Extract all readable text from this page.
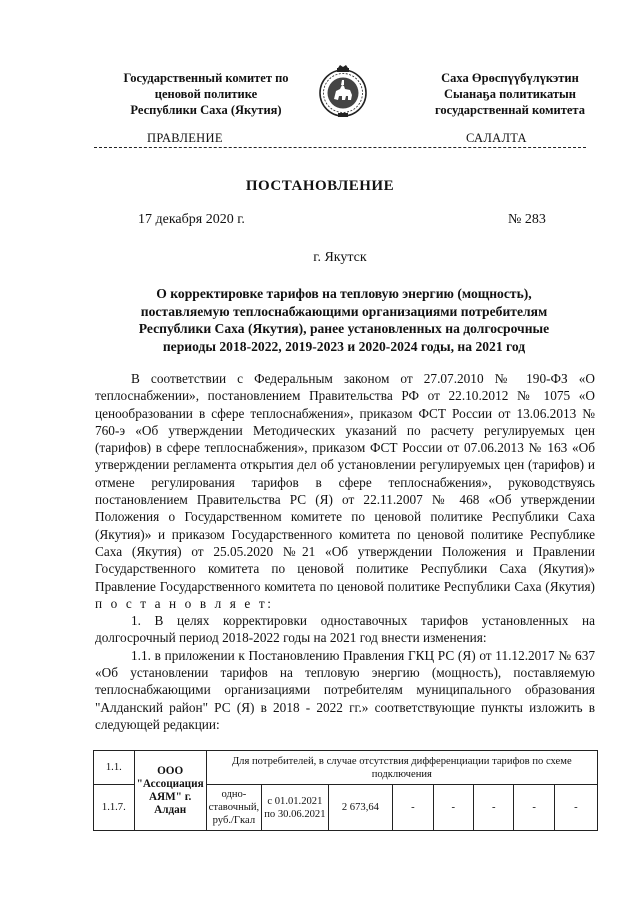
Государственный комитет по
ценовой политике
Республики Саха (Якутия)
Саха Өрөспүүбүлүкэтин
Сыанаҕа политикатын
государственнай комитета
ПРАВЛЕНИЕ	САЛАЛТА
ПОСТАНОВЛЕНИЕ
17 декабря 2020 г.	№ 283
г. Якутск
О корректировке тарифов на тепловую энергию (мощность),
поставляемую теплоснабжающими организациями потребителям
Республики Саха (Якутия), ранее установленных на долгосрочные
периоды 2018-2022, 2019-2023 и 2020-2024 годы, на 2021 год

В соответствии с Федеральным законом от 27.07.2010 № 190-ФЗ «О теплоснабжении», постановлением Правительства РФ от 22.10.2012 № 1075 «О ценообразовании в сфере теплоснабжения», приказом ФСТ России от 13.06.2013 № 760-э «Об утверждении Методических указаний по расчету регулируемых цен (тарифов) в сфере теплоснабжения», приказом ФСТ России от 07.06.2013 № 163 «Об утверждении регламента открытия дел об установлении регулируемых цен (тарифов) и отмене регулирования тарифов в сфере теплоснабжения», руководствуясь постановлением Правительства РС (Я) от 22.11.2007 № 468 «Об утверждении Положения о Государственном комитете по ценовой политике Республики Саха (Якутия)» и приказом Государственного комитета по ценовой политике Республике Саха (Якутия) от 25.05.2020 №21 «Об утверждении Положения и Правлении Государственного комитета по ценовой политике Республики Саха (Якутия)» Правление Государственного комитета по ценовой политике Республики Саха (Якутия) п о с т а н о в л я е т:

1. В целях корректировки одноставочных тарифов установленных на долгосрочный период 2018-2022 годы на 2021 год внести изменения:

1.1. в приложении к Постановлению Правления ГКЦ РС (Я) от 11.12.2017 № 637 «Об установлении тарифов на тепловую энергию (мощность), поставляемую теплоснабжающими организациями потребителям муниципального образования "Алданский район" РС (Я) в 2018 - 2022 гг.» соответствующие пункты изложить в следующей редакции:

1.1.	ООО "Ассоциация АЯМ" г. Алдан	Для потребителей, в случае отсутствия дифференциации тарифов по схеме подключения							
1.1.7.		одно-ставочный, руб./Гкал	с 01.01.2021 по 30.06.2021	2 673,64	-	-	-	-	-
